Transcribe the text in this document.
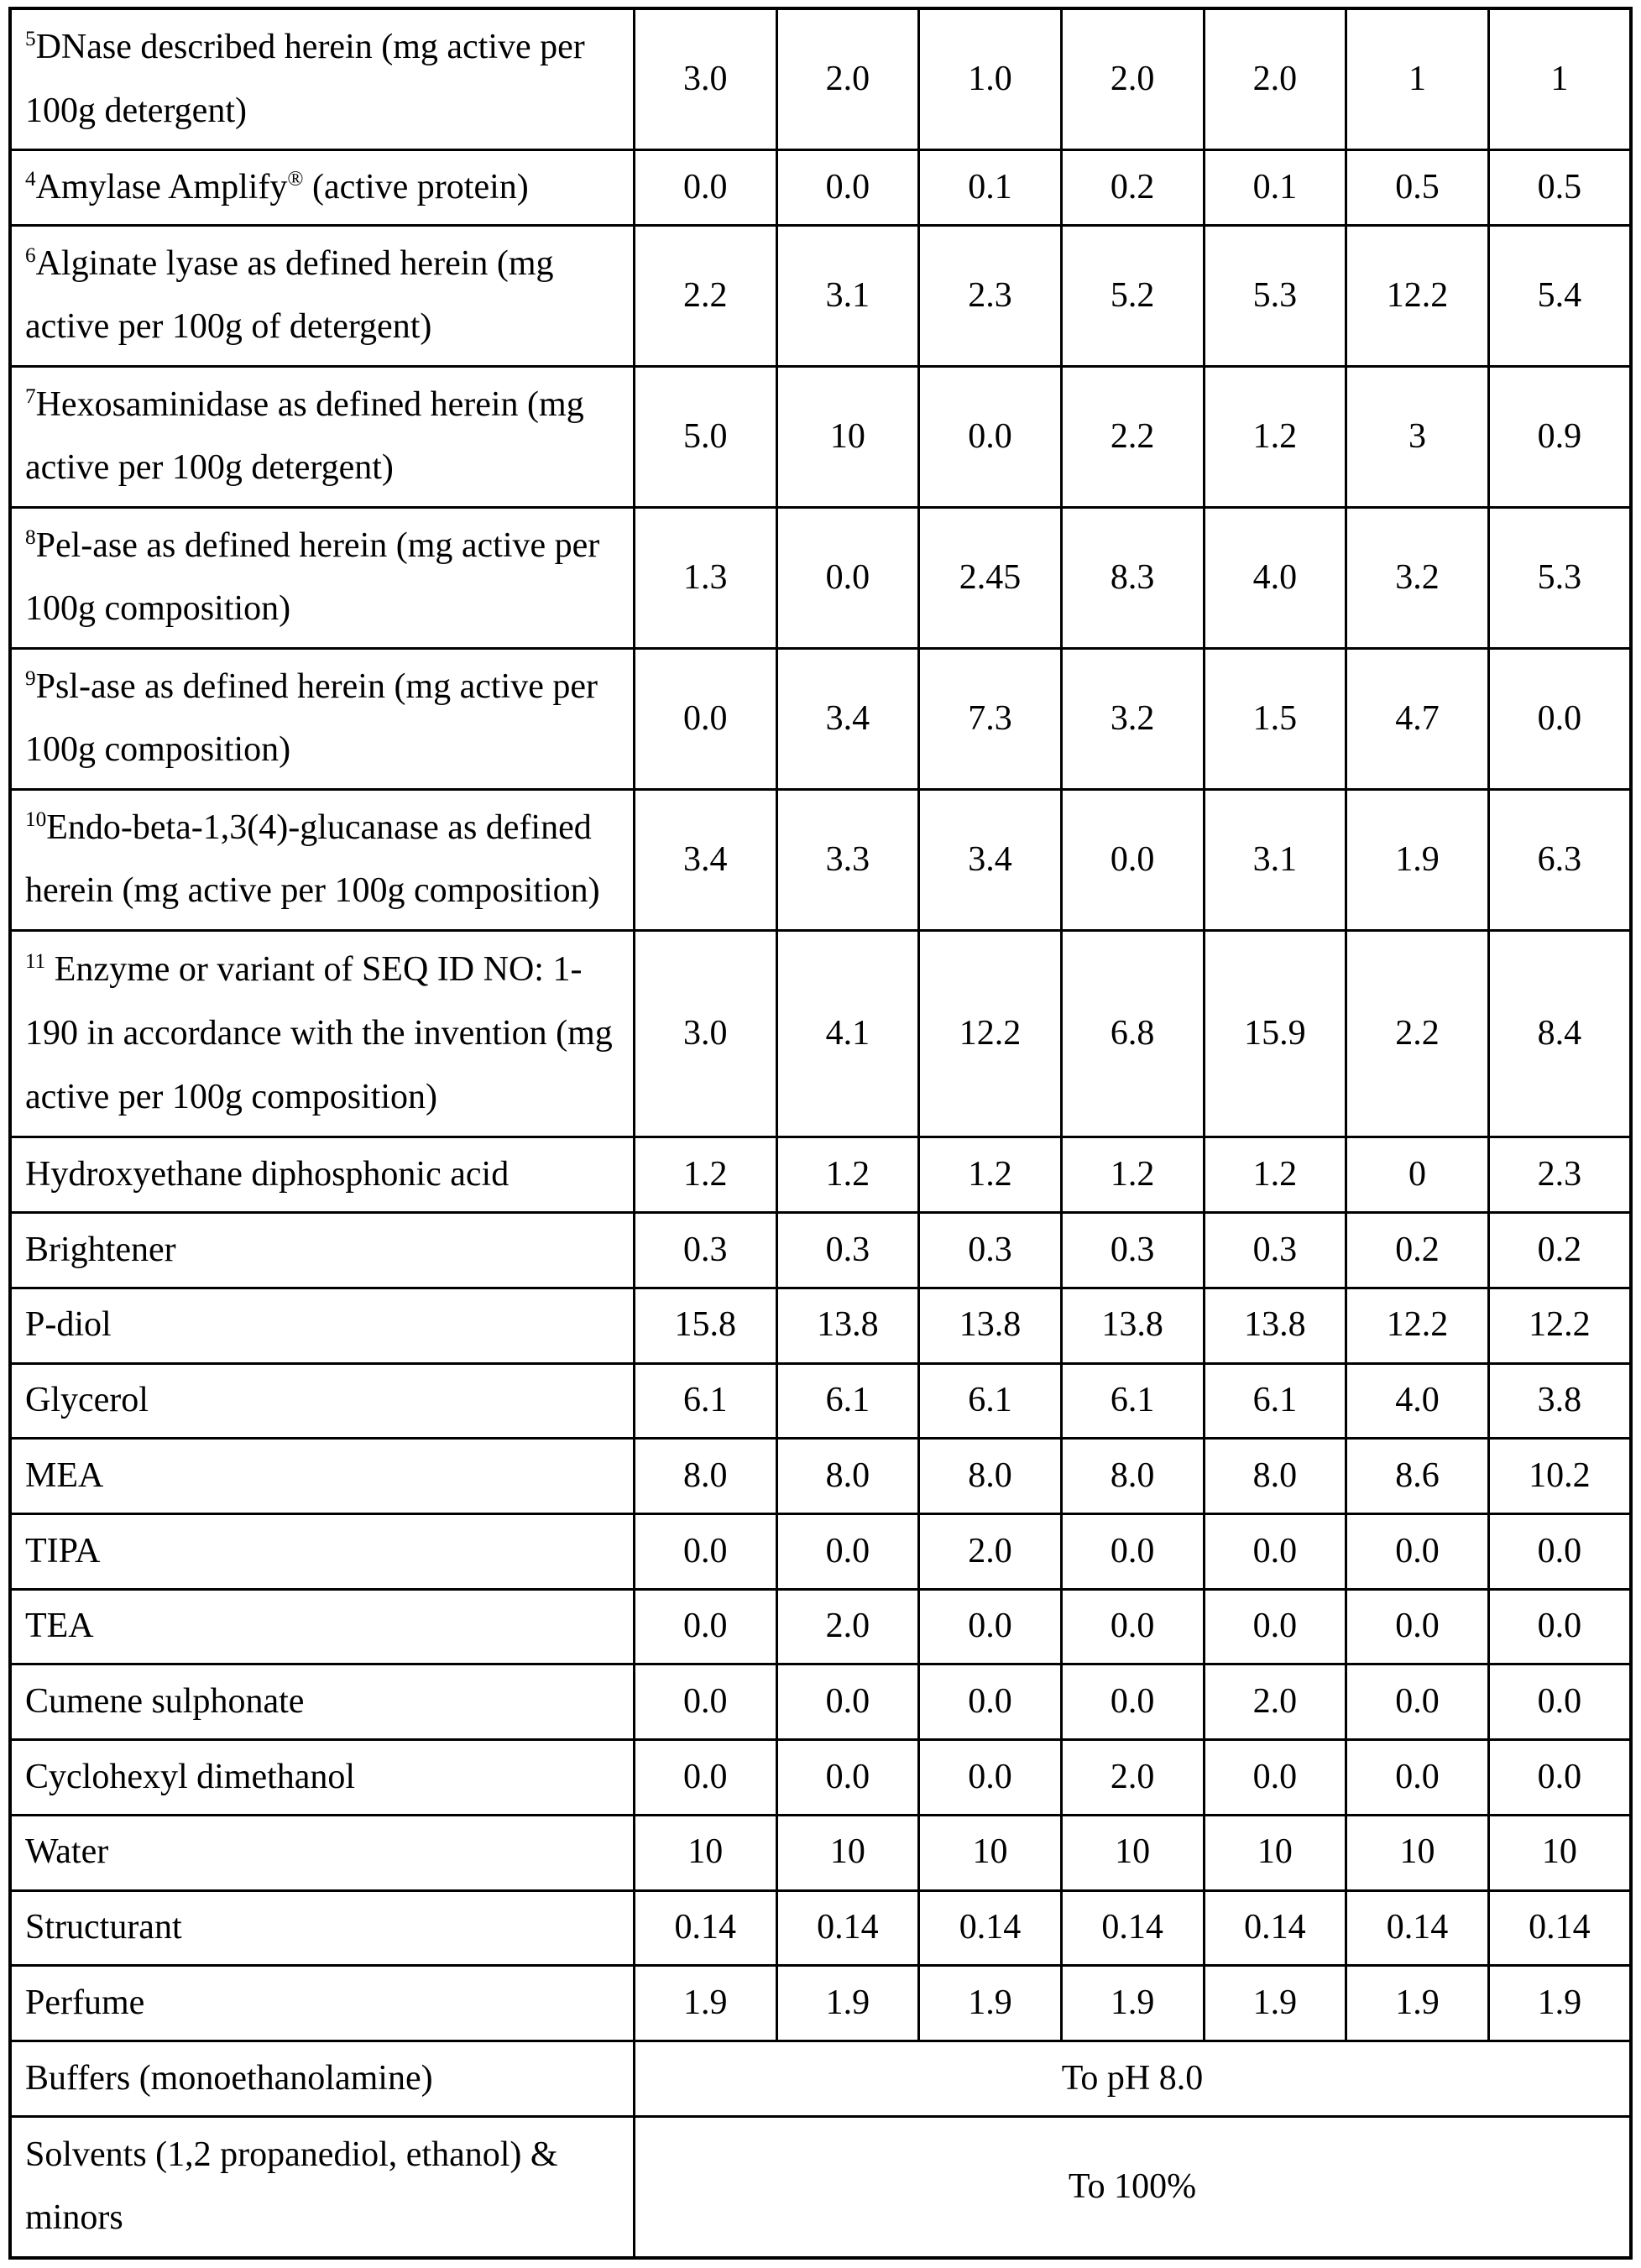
$^5$DNase described herein (mg active per 100g detergent)	3.0	2.0	1.0	2.0	2.0	1	1
$^4$Amylase Amplify® (active protein)	0.0	0.0	0.1	0.2	0.1	0.5	0.5
$^6$Alginate lyase as defined herein (mg active per 100g of detergent)	2.2	3.1	2.3	5.2	5.3	12.2	5.4
$^7$Hexosaminidase as defined herein (mg active per 100g detergent)	5.0	10	0.0	2.2	1.2	3	0.9
$^8$Pel-ase as defined herein (mg active per 100g composition)	1.3	0.0	2.45	8.3	4.0	3.2	5.3
$^9$Psl-ase as defined herein (mg active per 100g composition)	0.0	3.4	7.3	3.2	1.5	4.7	0.0
$^{10}$Endo-beta-1,3(4)-glucanase as defined herein (mg active per 100g composition)	3.4	3.3	3.4	0.0	3.1	1.9	6.3
$^{11}$ Enzyme or variant of SEQ ID NO: 1-190 in accordance with the invention (mg active per 100g composition)	3.0	4.1	12.2	6.8	15.9	2.2	8.4
Hydroxyethane diphosphonic acid	1.2	1.2	1.2	1.2	1.2	0	2.3
Brightener	0.3	0.3	0.3	0.3	0.3	0.2	0.2
P-diol	15.8	13.8	13.8	13.8	13.8	12.2	12.2
Glycerol	6.1	6.1	6.1	6.1	6.1	4.0	3.8
MEA	8.0	8.0	8.0	8.0	8.0	8.6	10.2
TIPA	0.0	0.0	2.0	0.0	0.0	0.0	0.0
TEA	0.0	2.0	0.0	0.0	0.0	0.0	0.0
Cumene sulphonate	0.0	0.0	0.0	0.0	2.0	0.0	0.0
Cyclohexyl dimethanol	0.0	0.0	0.0	2.0	0.0	0.0	0.0
Water	10	10	10	10	10	10	10
Structurant	0.14	0.14	0.14	0.14	0.14	0.14	0.14
Perfume	1.9	1.9	1.9	1.9	1.9	1.9	1.9
Buffers (monoethanolamine)	To pH 8.0						
Solvents (1,2 propanediol, ethanol) & minors	To 100%						
